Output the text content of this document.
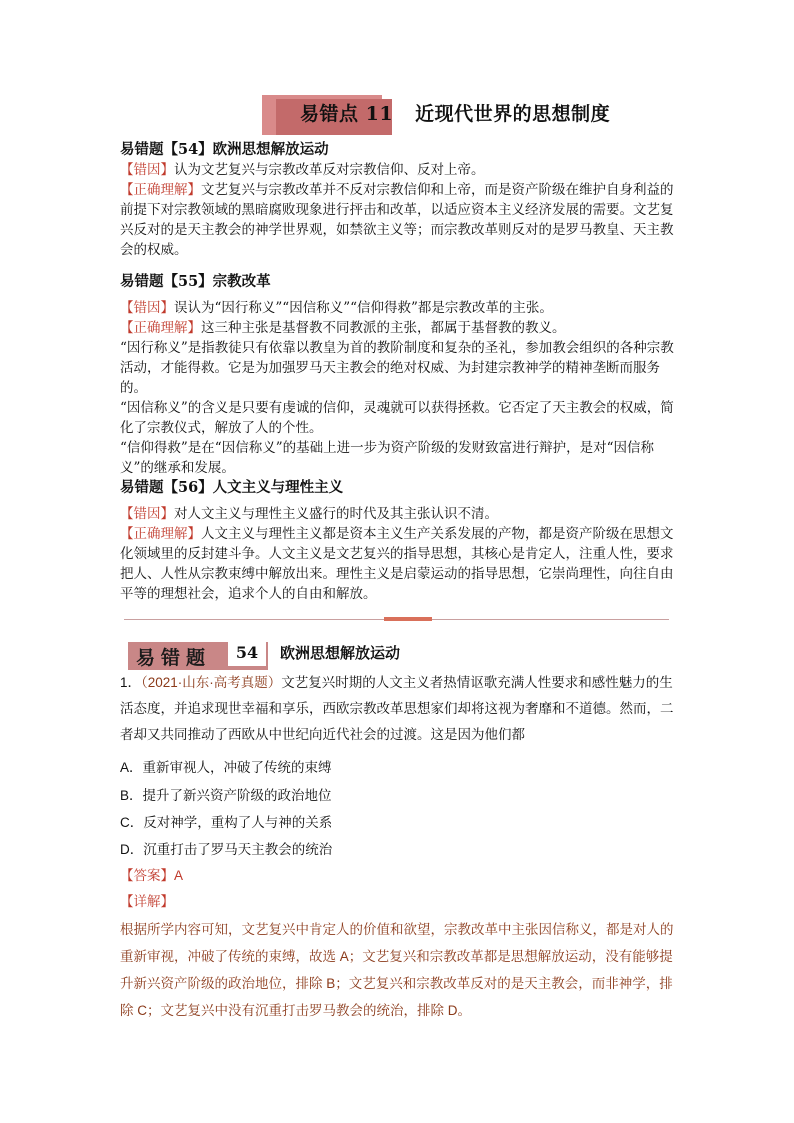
易错点 11 近现代世界的思想制度

易错题【54】欧洲思想解放运动

【错因】认为文艺复兴与宗教改革反对宗教信仰、反对上帝。

【正确理解】文艺复兴与宗教改革并不反对宗教信仰和上帝，而是资产阶级在维护自身利益的前提下对宗教领域的黑暗腐败现象进行抨击和改革，以适应资本主义经济发展的需要。文艺复兴反对的是天主教会的神学世界观，如禁欲主义等；而宗教改革则反对的是罗马教皇、天主教会的权威。

易错题【55】宗教改革

【错因】误认为“因行称义”“因信称义”“信仰得救”都是宗教改革的主张。

【正确理解】这三种主张是基督教不同教派的主张，都属于基督教的教义。

“因行称义”是指教徒只有依靠以教皇为首的教阶制度和复杂的圣礼，参加教会组织的各种宗教活动，才能得救。它是为加强罗马天主教会的绝对权威、为封建宗教神学的精神垄断而服务的。

“因信称义”的含义是只要有虔诚的信仰，灵魂就可以获得拯救。它否定了天主教会的权威，简化了宗教仪式，解放了人的个性。

“信仰得救”是在“因信称义”的基础上进一步为资产阶级的发财致富进行辩护，是对“因信称义”的继承和发展。

易错题【56】人文主义与理性主义

【错因】对人文主义与理性主义盛行的时代及其主张认识不清。

【正确理解】人文主义与理性主义都是资本主义生产关系发展的产物，都是资产阶级在思想文化领域里的反封建斗争。人文主义是文艺复兴的指导思想，其核心是肯定人，注重人性，要求把人、人性从宗教束缚中解放出来。理性主义是启蒙运动的指导思想，它崇尚理性，向往自由平等的理想社会，追求个人的自由和解放。

易错题	54	欧洲思想解放运动
1．（2021·山东·高考真题）文艺复兴时期的人文主义者热情讴歌充满人性要求和感性魅力的生活态度，并追求现世幸福和享乐，西欧宗教改革思想家们却将这视为奢靡和不道德。然而，二者却又共同推动了西欧从中世纪向近代社会的过渡。这是因为他们都
A．重新审视人，冲破了传统的束缚
B．提升了新兴资产阶级的政治地位
C．反对神学，重构了人与神的关系
D．沉重打击了罗马天主教会的统治
【答案】A
【详解】
根据所学内容可知，文艺复兴中肯定人的价值和欲望，宗教改革中主张因信称义，都是对人的重新审视，冲破了传统的束缚，故选 A；文艺复兴和宗教改革都是思想解放运动，没有能够提升新兴资产阶级的政治地位，排除 B；文艺复兴和宗教改革反对的是天主教会，而非神学，排除 C；文艺复兴中没有沉重打击罗马教会的统治，排除 D。
